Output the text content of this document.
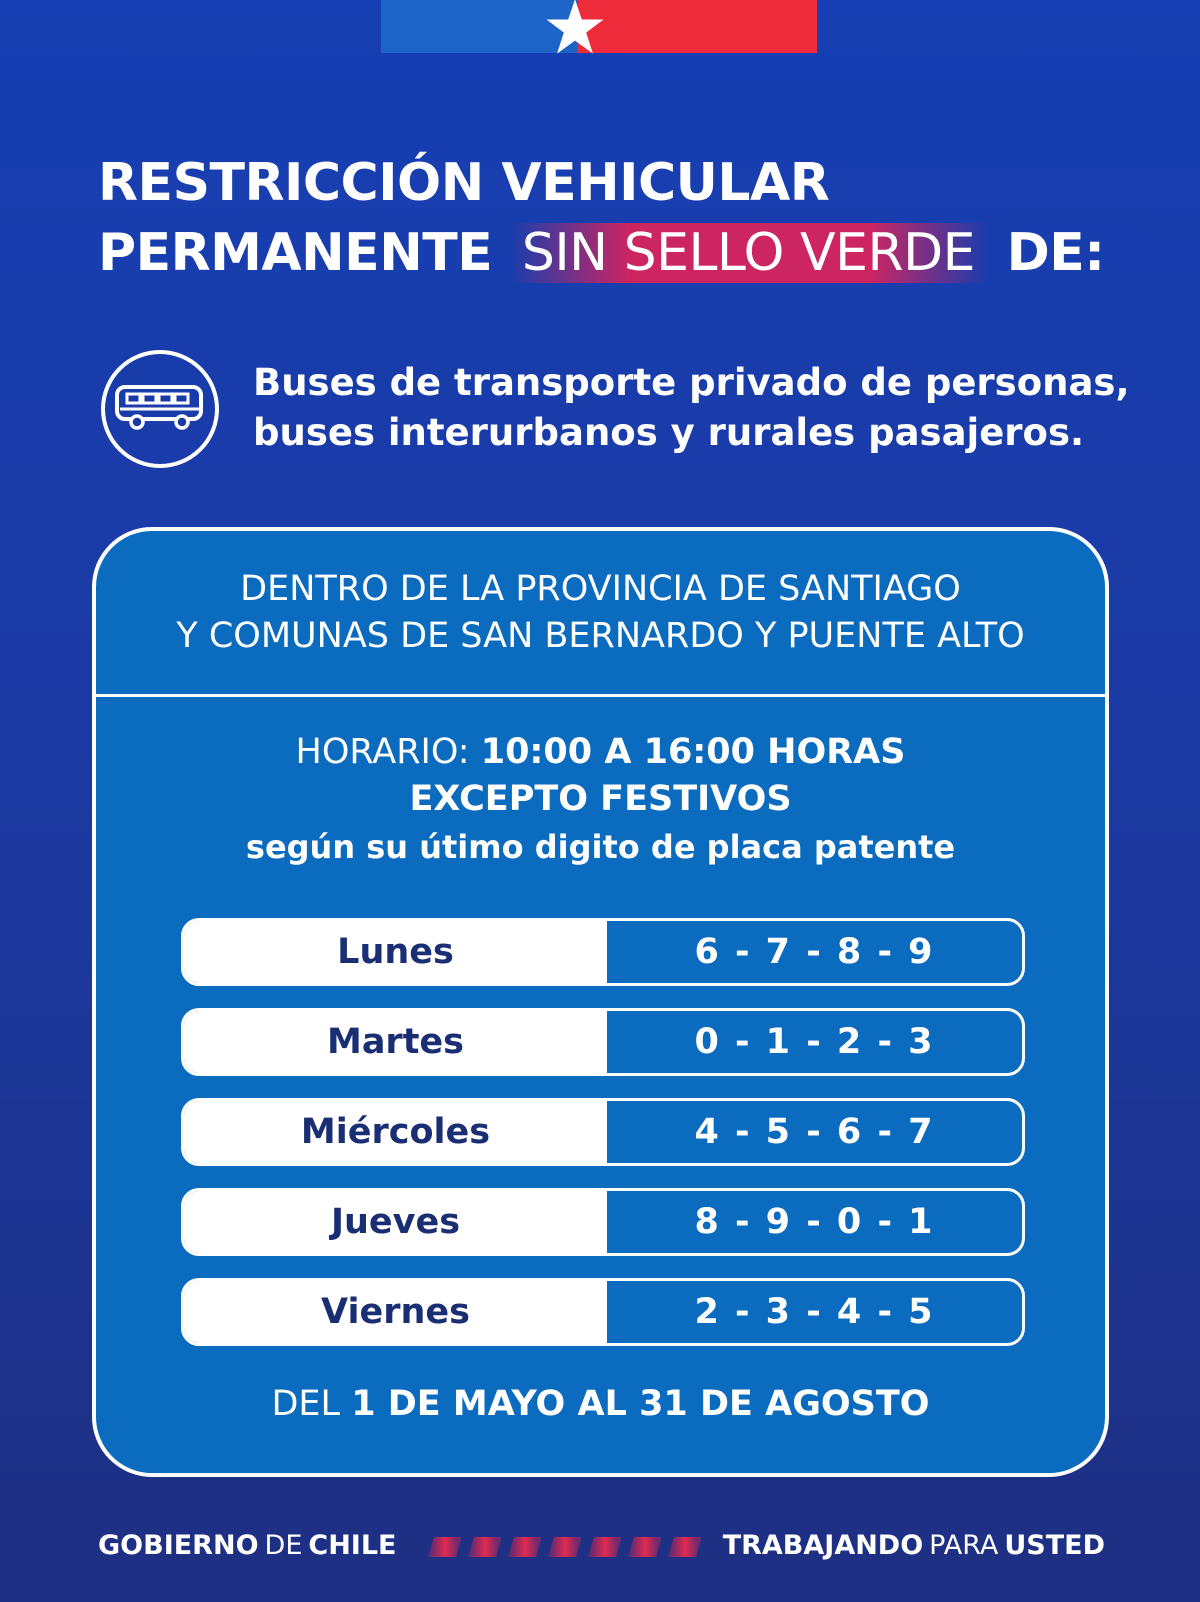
RESTRICCIÓN VEHICULAR
PERMANENTE SIN SELLO VERDE DE:
Buses de transporte privado de personas,
buses interurbanos y rurales pasajeros.
DENTRO DE LA PROVINCIA DE SANTIAGO
Y COMUNAS DE SAN BERNARDO Y PUENTE ALTO
HORARIO: 10:00 A 16:00 HORAS
EXCEPTO FESTIVOS
según su útimo digito de placa patente
Lunes	6 - 7 - 8 - 9
Martes	0 - 1 - 2 - 3
Miércoles	4 - 5 - 6 - 7
Jueves	8 - 9 - 0 - 1
Viernes	2 - 3 - 4 - 5
DEL 1 DE MAYO AL 31 DE AGOSTO
GOBIERNO DE CHILE	TRABAJANDO PARA USTED
